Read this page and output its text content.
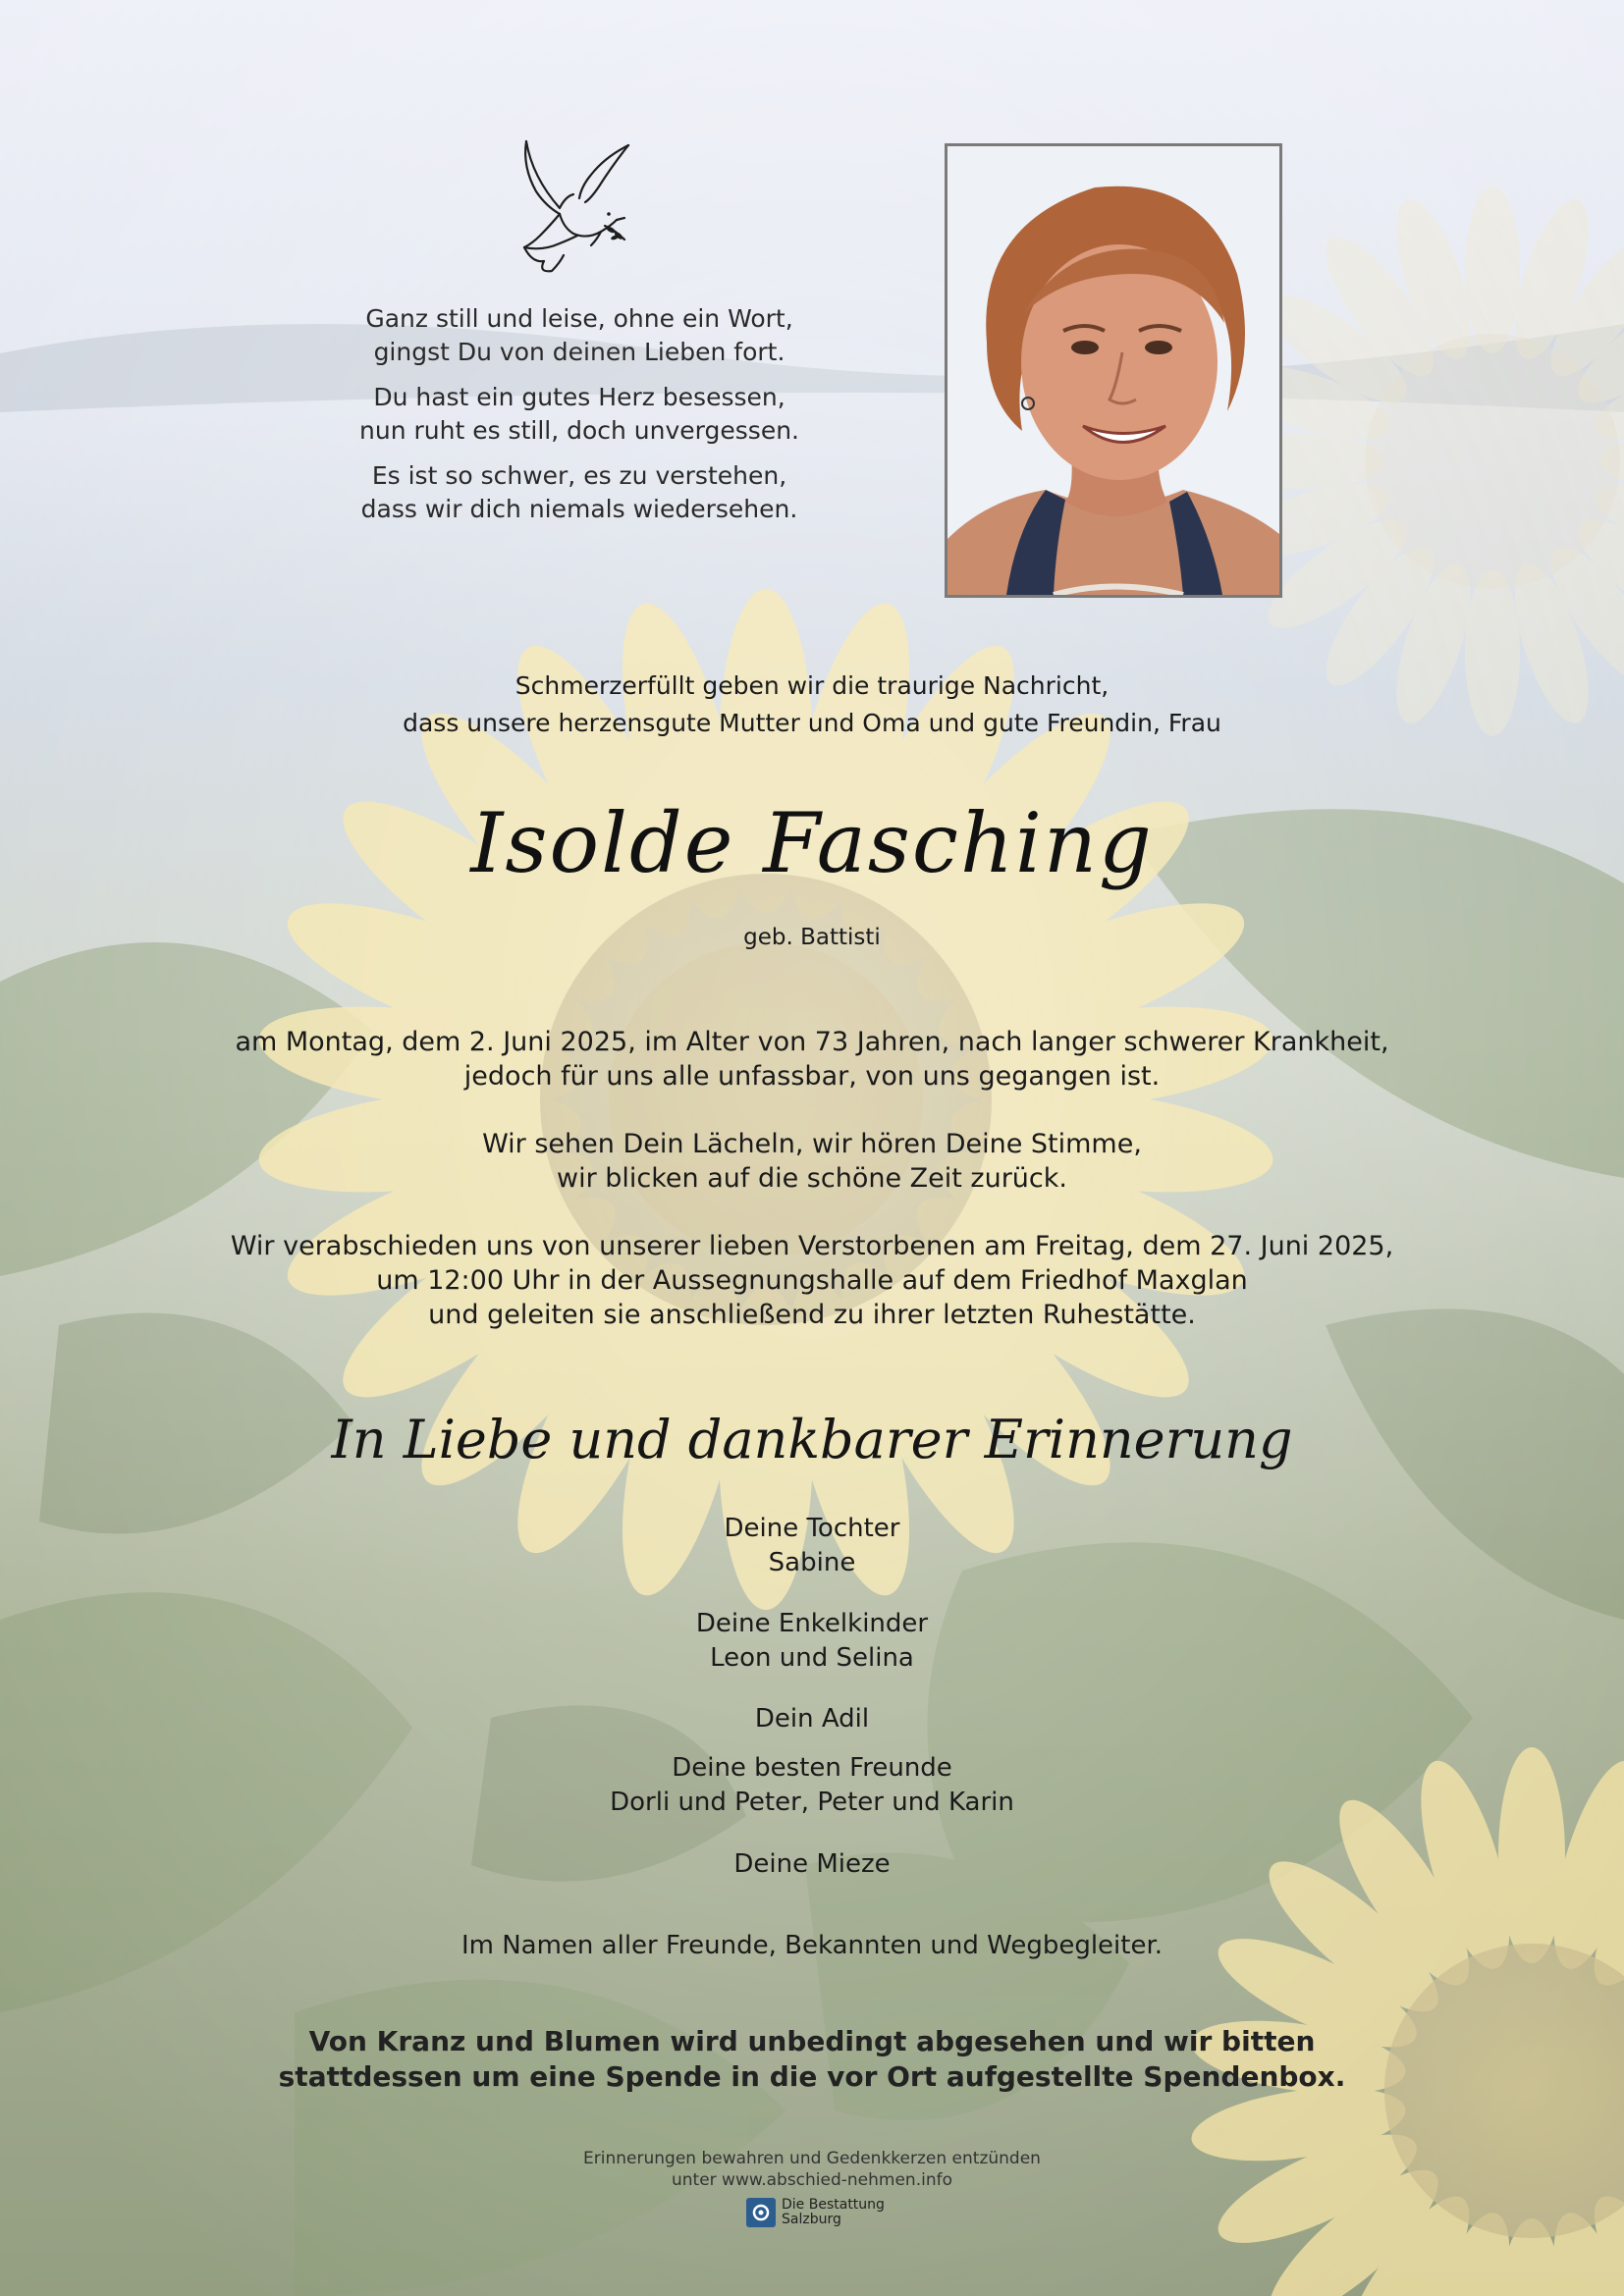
Ganz still und leise, ohne ein Wort,
gingst Du von deinen Lieben fort.

Du hast ein gutes Herz besessen,
nun ruht es still, doch unvergessen.

Es ist so schwer, es zu verstehen,
dass wir dich niemals wiedersehen.

Schmerzerfüllt geben wir die traurige Nachricht,
dass unsere herzensgute Mutter und Oma und gute Freundin, Frau
Isolde Fasching
geb. Battisti
am Montag, dem 2. Juni 2025, im Alter von 73 Jahren, nach langer schwerer Krankheit,
jedoch für uns alle unfassbar, von uns gegangen ist.
Wir sehen Dein Lächeln, wir hören Deine Stimme,
wir blicken auf die schöne Zeit zurück.
Wir verabschieden uns von unserer lieben Verstorbenen am Freitag, dem 27. Juni 2025,
um 12:00 Uhr in der Aussegnungshalle auf dem Friedhof Maxglan
und geleiten sie anschließend zu ihrer letzten Ruhestätte.
In Liebe und dankbarer Erinnerung
Deine Tochter
Sabine
Deine Enkelkinder
Leon und Selina
Dein Adil
Deine besten Freunde
Dorli und Peter, Peter und Karin
Deine Mieze
Im Namen aller Freunde, Bekannten und Wegbegleiter.
Von Kranz und Blumen wird unbedingt abgesehen und wir bitten
stattdessen um eine Spende in die vor Ort aufgestellte Spendenbox.
Erinnerungen bewahren und Gedenkkerzen entzünden
unter www.abschied-nehmen.info
Die Bestattung
Salzburg
